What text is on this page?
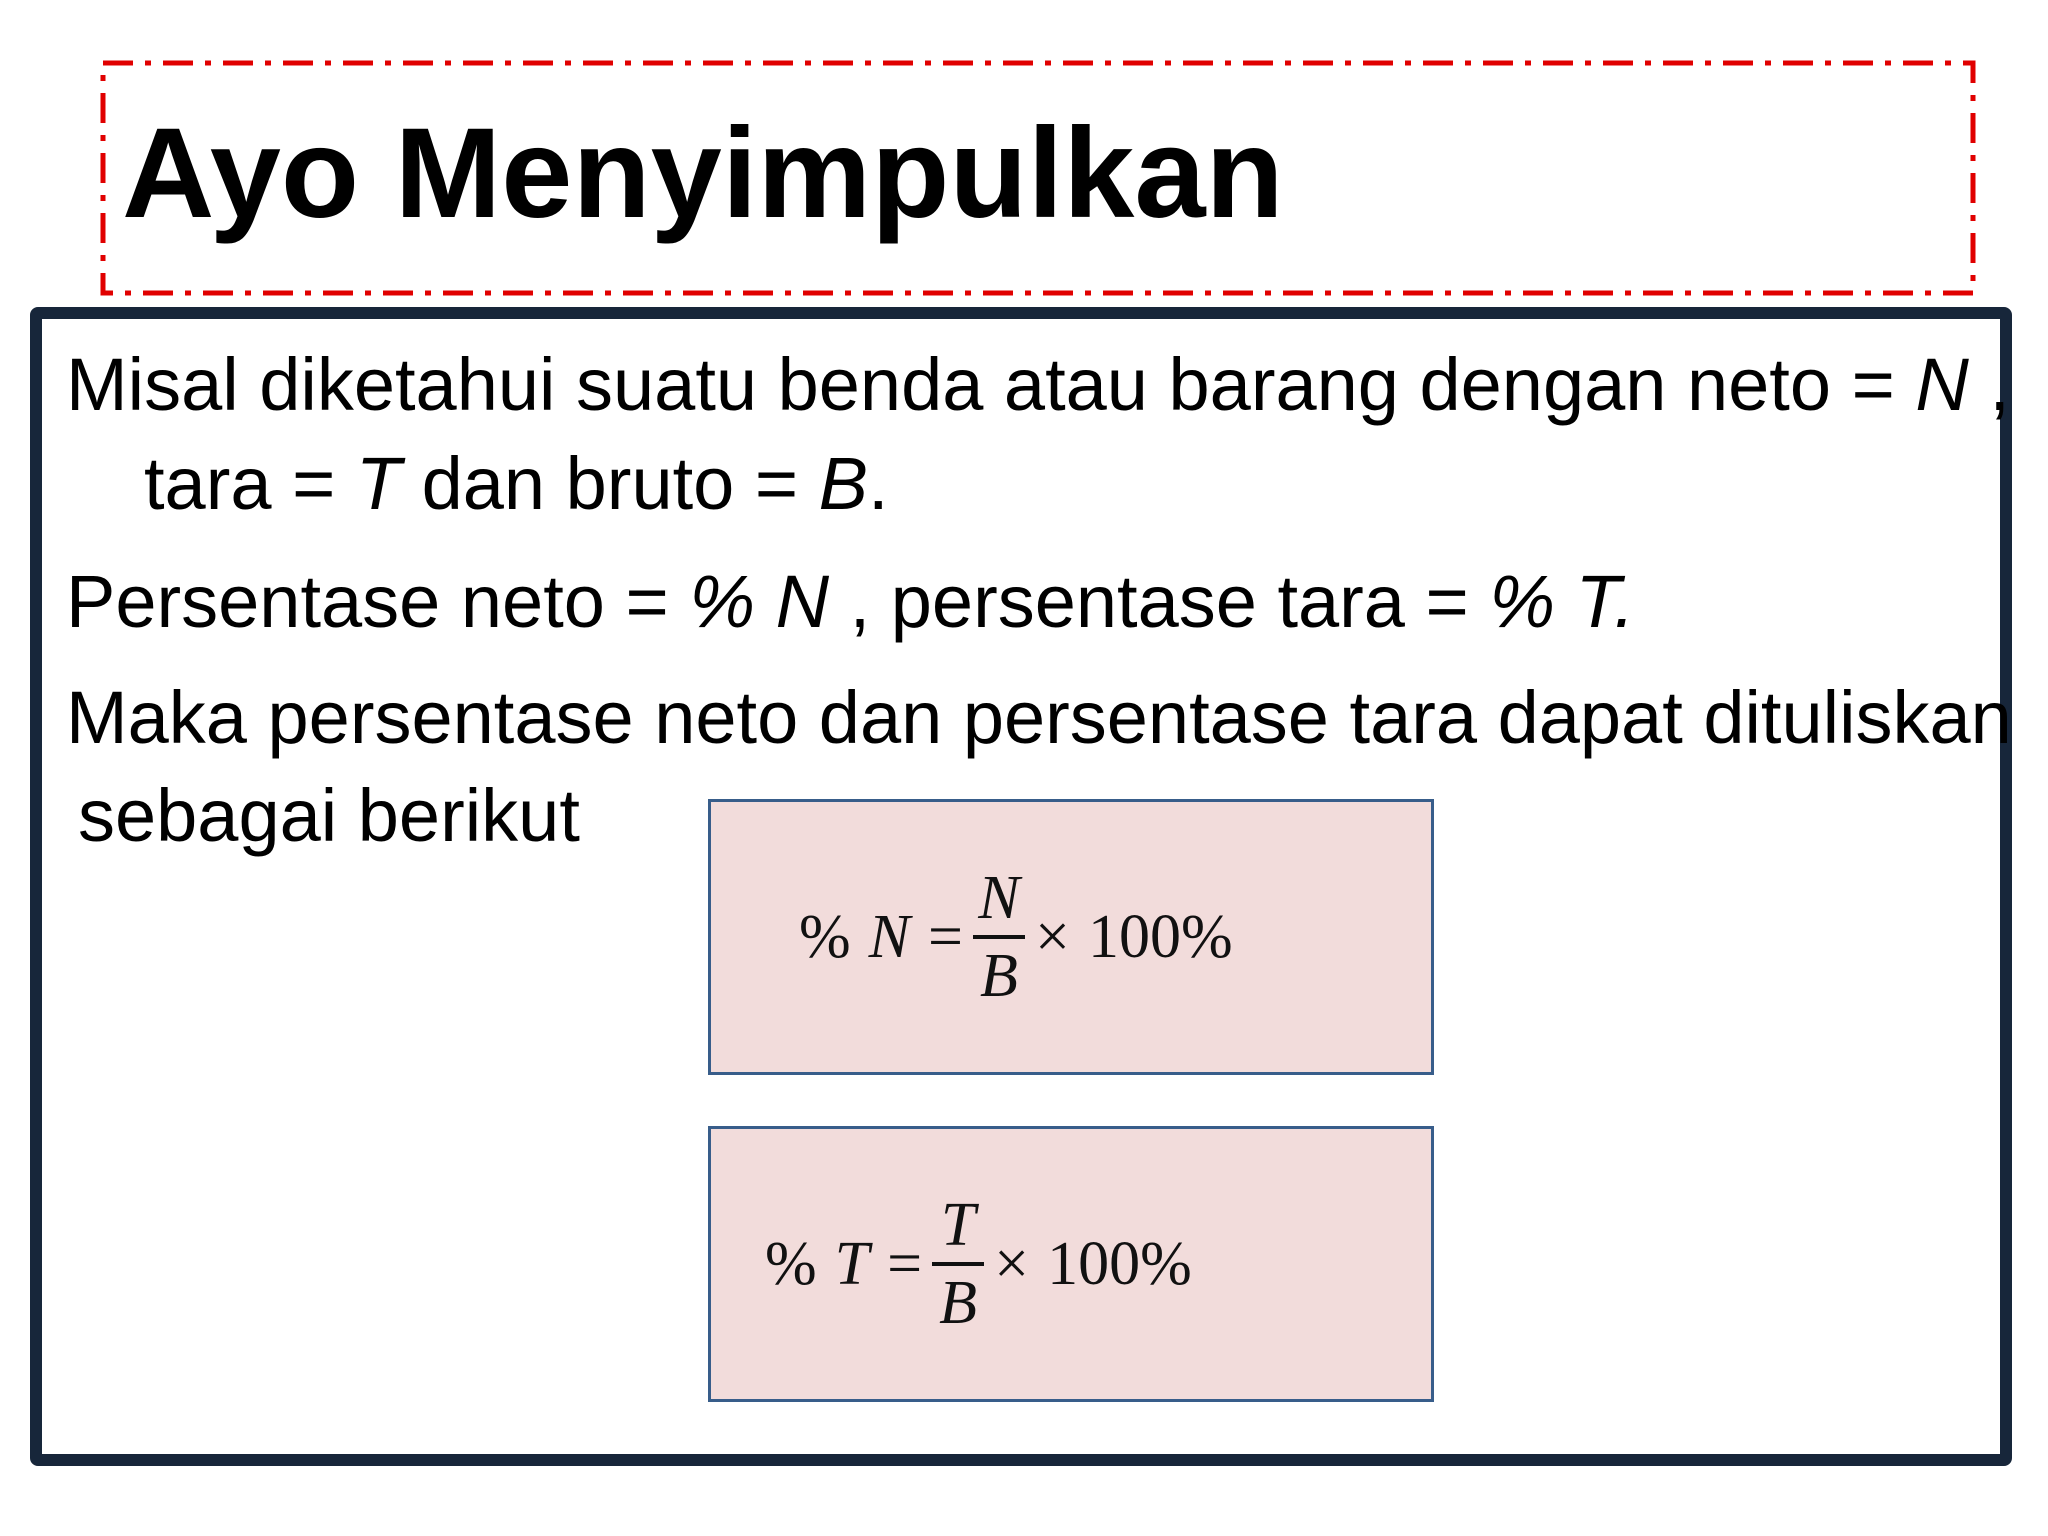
Ayo Menyimpulkan
Misal diketahui suatu benda atau barang dengan neto = N ,
tara = T dan bruto = B.
Persentase neto = % N , persentase tara = % T.
Maka persentase neto dan persentase tara dapat dituliskan
sebagai berikut
% $N = \frac{N}{B} \times 100\%$
% $T = \frac{T}{B} \times 100\%$
